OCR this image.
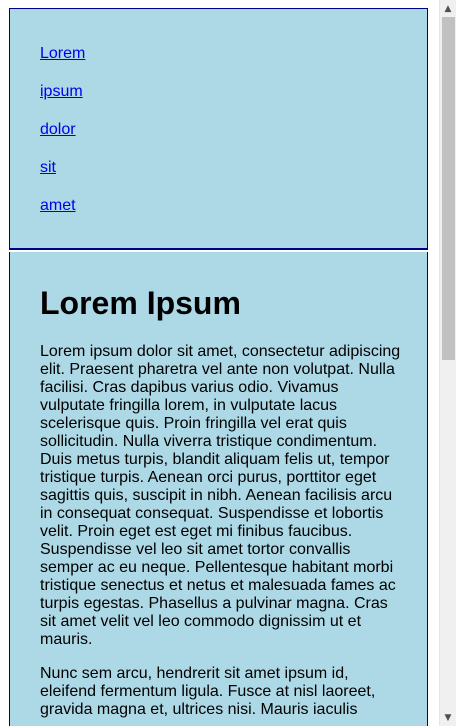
Lorem
ipsum
dolor
sit
amet
Lorem Ipsum

Lorem ipsum dolor sit amet, consectetur adipiscing elit. Praesent pharetra vel ante non volutpat. Nulla facilisi. Cras dapibus varius odio. Vivamus vulputate fringilla lorem, in vulputate lacus scelerisque quis. Proin fringilla vel erat quis sollicitudin. Nulla viverra tristique condimentum. Duis metus turpis, blandit aliquam felis ut, tempor tristique turpis. Aenean orci purus, porttitor eget sagittis quis, suscipit in nibh. Aenean facilisis arcu in consequat consequat. Suspendisse et lobortis velit. Proin eget est eget mi finibus faucibus. Suspendisse vel leo sit amet tortor convallis semper ac eu neque. Pellentesque habitant morbi tristique senectus et netus et malesuada fames ac turpis egestas. Phasellus a pulvinar magna. Cras sit amet velit vel leo commodo dignissim ut et mauris.

Nunc sem arcu, hendrerit sit amet ipsum id, eleifend fermentum ligula. Fusce at nisl laoreet, gravida magna et, ultrices nisi. Mauris iaculis

▲
▼
